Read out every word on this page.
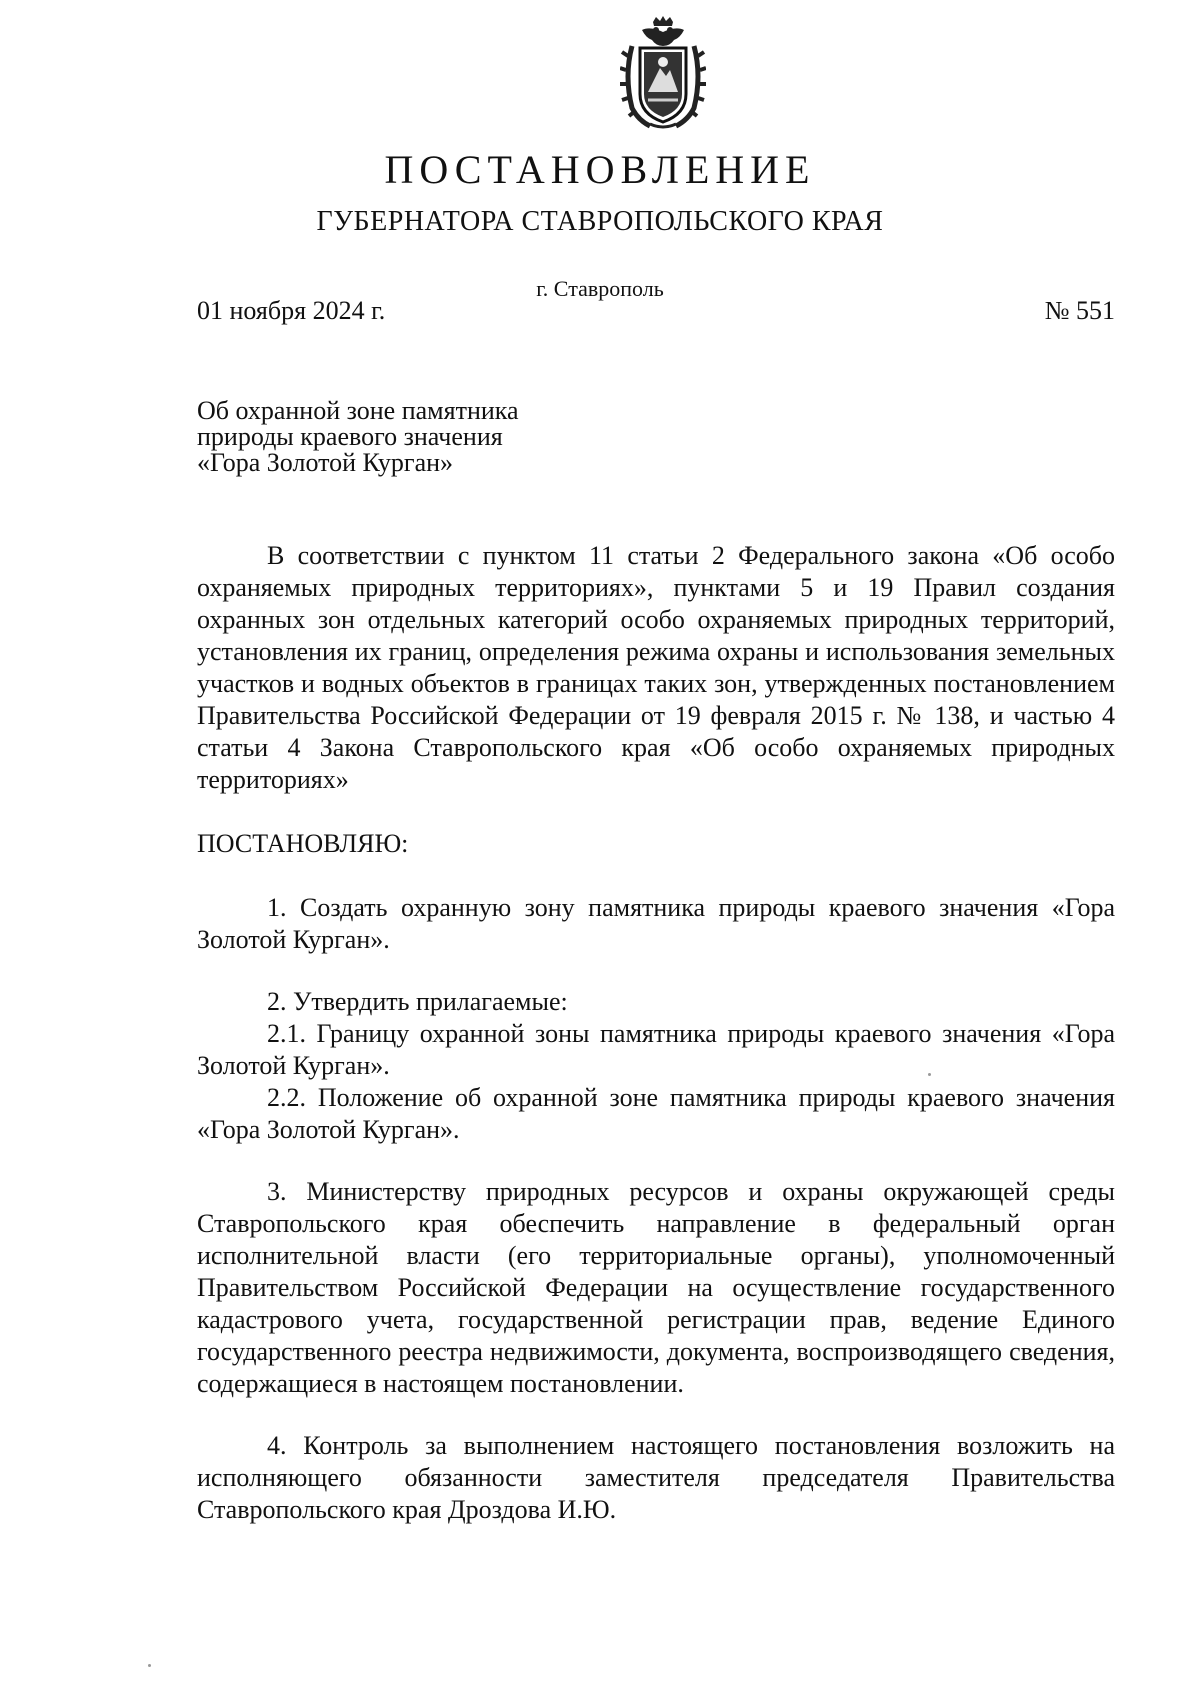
ПОСТАНОВЛЕНИЕ
ГУБЕРНАТОРА СТАВРОПОЛЬСКОГО КРАЯ
г. Ставрополь
01 ноября 2024 г.	№ 551
Об охранной зоне памятника
природы краевого значения
«Гора Золотой Курган»

В соответствии с пунктом 11 статьи 2 Федерального закона «Об особо охраняемых природных территориях», пунктами 5 и 19 Правил создания охранных зон отдельных категорий особо охраняемых природных территорий, установления их границ, определения режима охраны и использования земельных участков и водных объектов в границах таких зон, утвержденных постановлением Правительства Российской Федерации от 19 февраля 2015 г. № 138, и частью 4 статьи 4 Закона Ставропольского края «Об особо охраняемых природных территориях»

ПОСТАНОВЛЯЮ:

1. Создать охранную зону памятника природы краевого значения «Гора Золотой Курган».

2. Утвердить прилагаемые:

2.1. Границу охранной зоны памятника природы краевого значения «Гора Золотой Курган».

2.2. Положение об охранной зоне памятника природы краевого значения «Гора Золотой Курган».

3. Министерству природных ресурсов и охраны окружающей среды Ставропольского края обеспечить направление в федеральный орган исполнительной власти (его территориальные органы), уполномоченный Правительством Российской Федерации на осуществление государственного кадастрового учета, государственной регистрации прав, ведение Единого государственного реестра недвижимости, документа, воспроизводящего сведения, содержащиеся в настоящем постановлении.

4. Контроль за выполнением настоящего постановления возложить на исполняющего обязанности заместителя председателя Правительства Ставропольского края Дроздова И.Ю.
